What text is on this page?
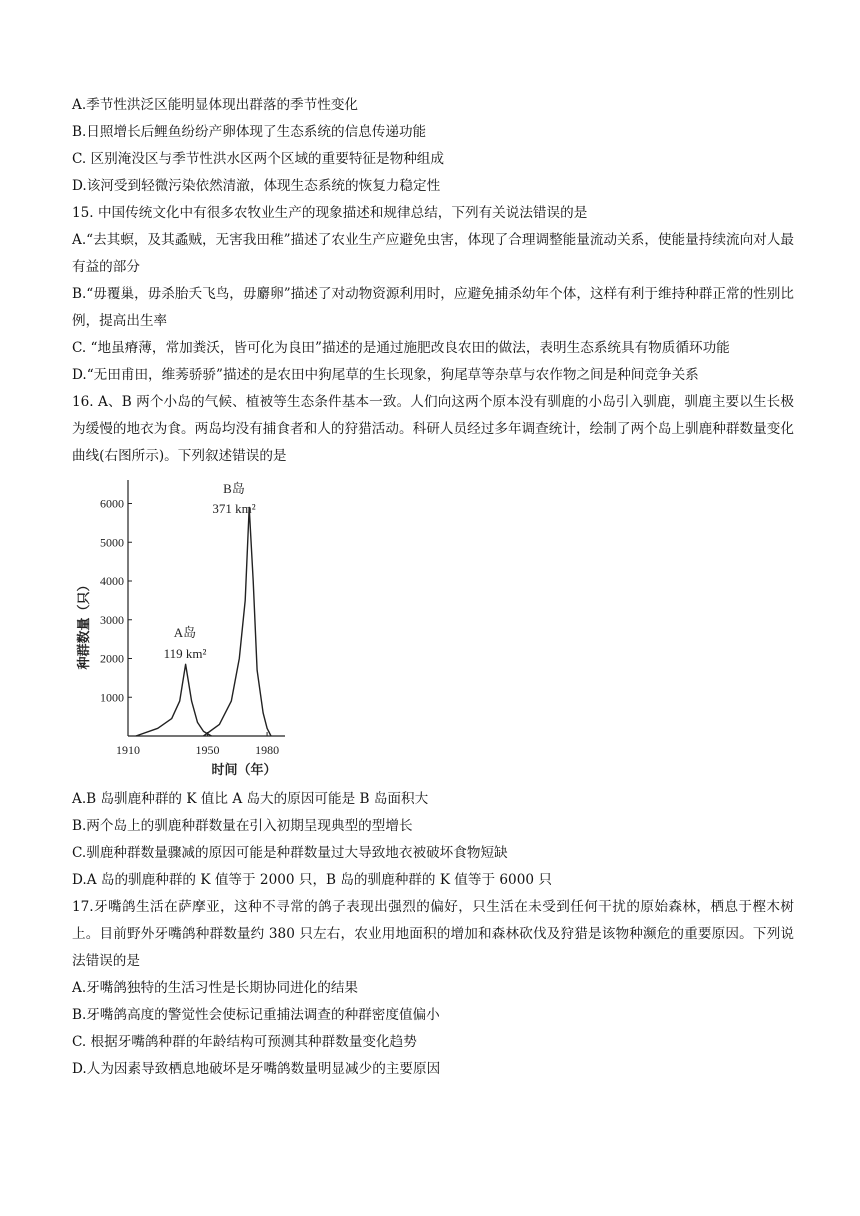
A.季节性洪泛区能明显体现出群落的季节性变化
B.日照增长后鲤鱼纷纷产卵体现了生态系统的信息传递功能
C. 区别淹没区与季节性洪水区两个区域的重要特征是物种组成
D.该河受到轻微污染依然清澈，体现生态系统的恢复力稳定性
15. 中国传统文化中有很多农牧业生产的现象描述和规律总结，下列有关说法错误的是
A.“去其螟，及其蟊贼，无害我田稚”描述了农业生产应避免虫害，体现了合理调整能量流动关系，使能量持续流向对人最有益的部分
B.“毋覆巢，毋杀胎夭飞鸟，毋麝卵”描述了对动物资源利用时，应避免捕杀幼年个体，这样有利于维持种群正常的性别比例，提高出生率
C. “地虽瘠薄，常加粪沃，皆可化为良田”描述的是通过施肥改良农田的做法，表明生态系统具有物质循环功能
D.“无田甫田，维莠骄骄”描述的是农田中狗尾草的生长现象，狗尾草等杂草与农作物之间是种间竞争关系
16. A、B 两个小岛的气候、植被等生态条件基本一致。人们向这两个原本没有驯鹿的小岛引入驯鹿，驯鹿主要以生长极为缓慢的地衣为食。两岛均没有捕食者和人的狩猎活动。科研人员经过多年调查统计，绘制了两个岛上驯鹿种群数量变化曲线(右图所示)。下列叙述错误的是
种群数量（只）
时间（年）
A岛
119 km²
B岛
371 km²
1000
2000
3000
4000
5000
6000
1910	1950	1980
A.B 岛驯鹿种群的 K 值比 A 岛大的原因可能是 B 岛面积大
B.两个岛上的驯鹿种群数量在引入初期呈现典型的型增长
C.驯鹿种群数量骤减的原因可能是种群数量过大导致地衣被破坏食物短缺
D.A 岛的驯鹿种群的 K 值等于 2000 只，B 岛的驯鹿种群的 K 值等于 6000 只
17.牙嘴鸽生活在萨摩亚，这种不寻常的鸽子表现出强烈的偏好，只生活在未受到任何干扰的原始森林，栖息于樫木树上。目前野外牙嘴鸽种群数量约 380 只左右，农业用地面积的增加和森林砍伐及狩猎是该物种濒危的重要原因。下列说法错误的是
A.牙嘴鸽独特的生活习性是长期协同进化的结果
B.牙嘴鸽高度的警觉性会使标记重捕法调查的种群密度值偏小
C. 根据牙嘴鸽种群的年龄结构可预测其种群数量变化趋势
D.人为因素导致栖息地破坏是牙嘴鸽数量明显减少的主要原因
